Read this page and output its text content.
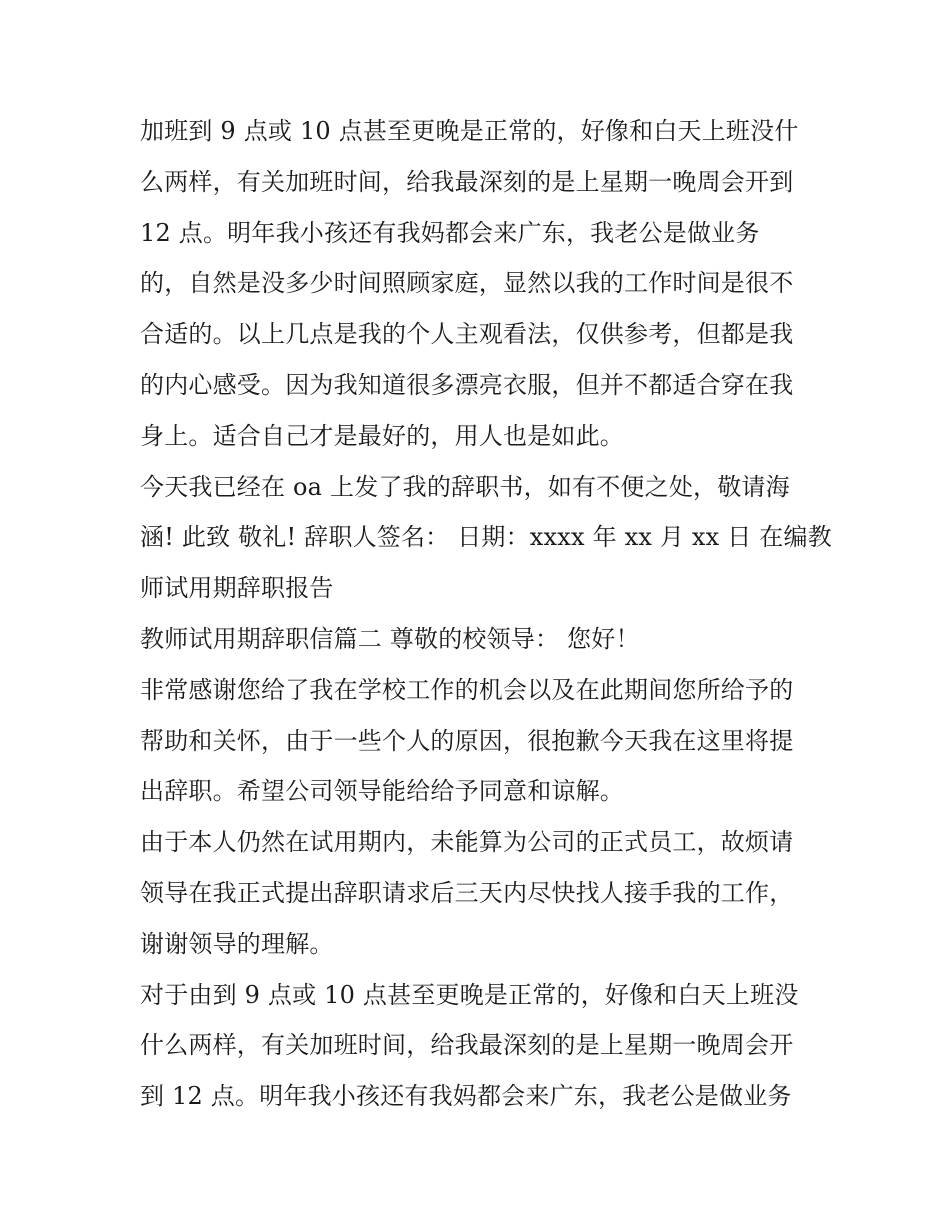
加班到 9 点或 10 点甚至更晚是正常的，好像和白天上班没什
么两样，有关加班时间，给我最深刻的是上星期一晚周会开到
12 点。明年我小孩还有我妈都会来广东，我老公是做业务
的，自然是没多少时间照顾家庭，显然以我的工作时间是很不
合适的。以上几点是我的个人主观看法，仅供参考，但都是我
的内心感受。因为我知道很多漂亮衣服，但并不都适合穿在我
身上。适合自己才是最好的，用人也是如此。
今天我已经在 oa 上发了我的辞职书，如有不便之处，敬请海
涵! 此致 敬礼! 辞职人签名： 日期：xxxx 年 xx 月 xx 日 在编教
师试用期辞职报告
教师试用期辞职信篇二 尊敬的校领导： 您好！
非常感谢您给了我在学校工作的机会以及在此期间您所给予的
帮助和关怀，由于一些个人的原因，很抱歉今天我在这里将提
出辞职。希望公司领导能给给予同意和谅解。
由于本人仍然在试用期内，未能算为公司的正式员工，故烦请
领导在我正式提出辞职请求后三天内尽快找人接手我的工作，
谢谢领导的理解。
对于由到 9 点或 10 点甚至更晚是正常的，好像和白天上班没
什么两样，有关加班时间，给我最深刻的是上星期一晚周会开
到 12 点。明年我小孩还有我妈都会来广东，我老公是做业务
